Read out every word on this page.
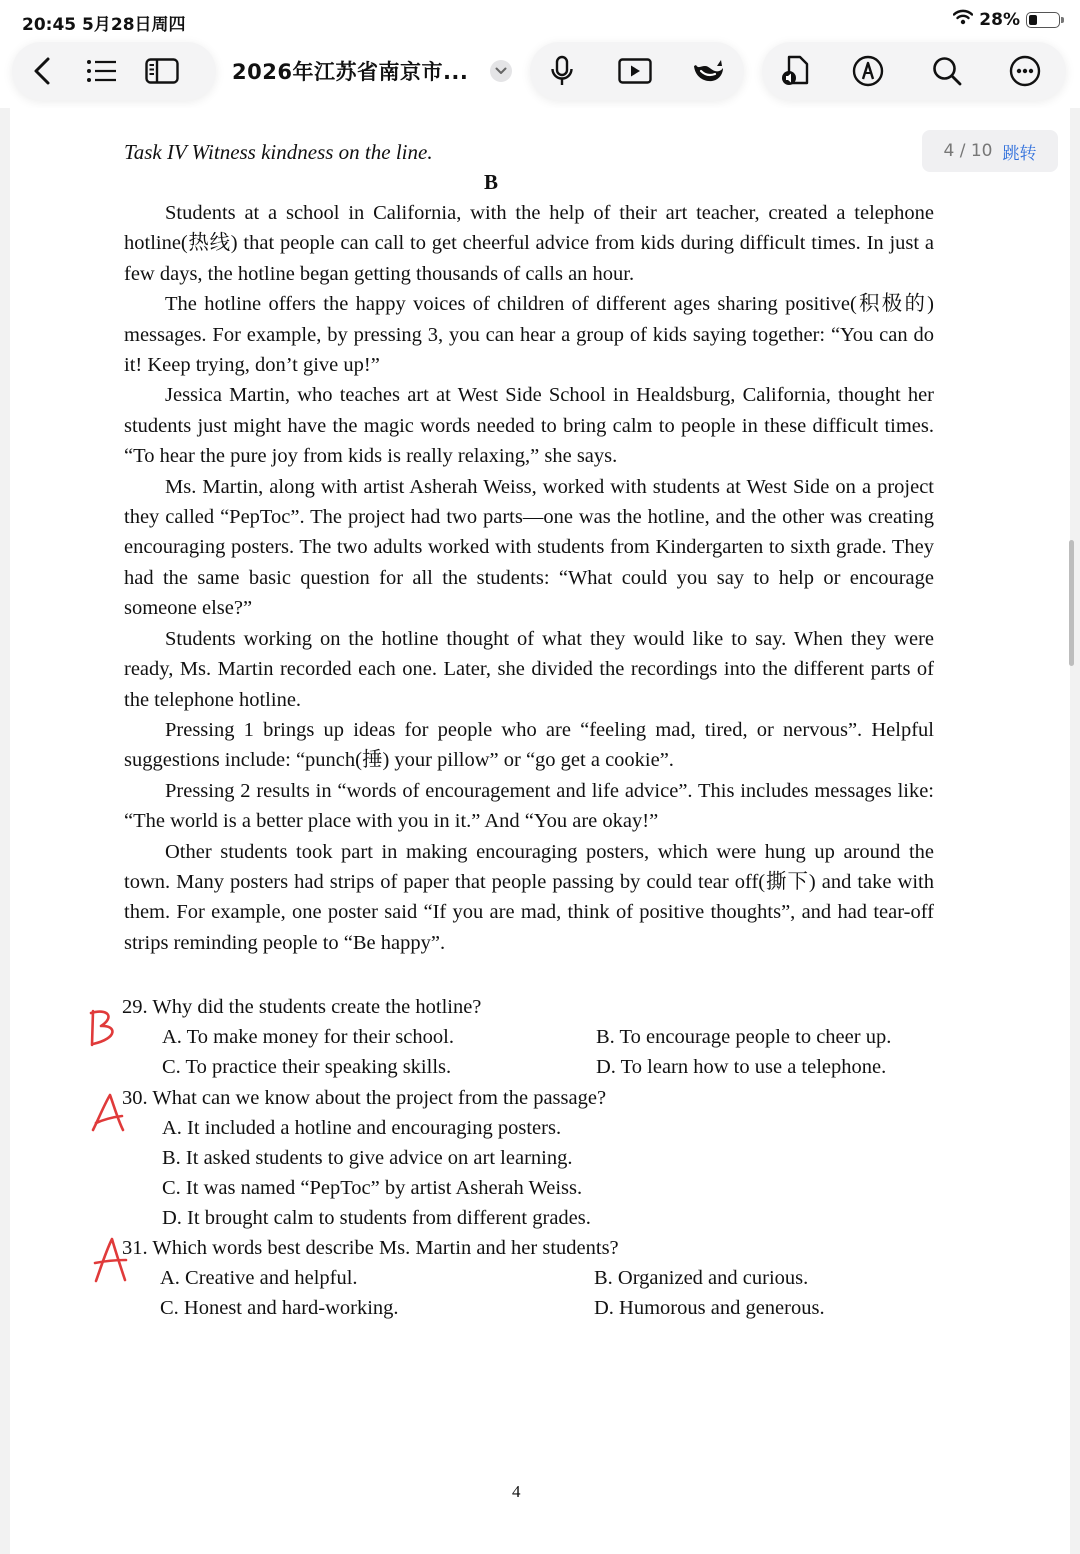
20:45 5月28日周四	28%
2026年江苏省南京市...
4 / 10 跳转
Task IV Witness kindness on the line.
B

Students at a school in California, with the help of their art teacher, created a telephone hotline(热线) that people can call to get cheerful advice from kids during difficult times. In just a few days, the hotline began getting thousands of calls an hour.

The hotline offers the happy voices of children of different ages sharing positive(积极的) messages. For example, by pressing 3, you can hear a group of kids saying together: “You can do it! Keep trying, don’t give up!”

Jessica Martin, who teaches art at West Side School in Healdsburg, California, thought her students just might have the magic words needed to bring calm to people in these difficult times. “To hear the pure joy from kids is really relaxing,” she says.

Ms. Martin, along with artist Asherah Weiss, worked with students at West Side on a project they called “PepToc”. The project had two parts—one was the hotline, and the other was creating encouraging posters. The two adults worked with students from Kindergarten to sixth grade. They had the same basic question for all the students: “What could you say to help or encourage someone else?”

Students working on the hotline thought of what they would like to say. When they were ready, Ms. Martin recorded each one. Later, she divided the recordings into the different parts of the telephone hotline.

Pressing 1 brings up ideas for people who are “feeling mad, tired, or nervous”. Helpful suggestions include: “punch(捶) your pillow” or “go get a cookie”.

Pressing 2 results in “words of encouragement and life advice”. This includes messages like: “The world is a better place with you in it.” And “You are okay!”

Other students took part in making encouraging posters, which were hung up around the town. Many posters had strips of paper that people passing by could tear off(撕下) and take with them. For example, one poster said “If you are mad, think of positive thoughts”, and had tear-off strips reminding people to “Be happy”.

29. Why did the students create the hotline?
A. To make money for their school.	B. To encourage people to cheer up.
C. To practice their speaking skills.	D. To learn how to use a telephone.
30. What can we know about the project from the passage?
A. It included a hotline and encouraging posters.
B. It asked students to give advice on art learning.
C. It was named “PepToc” by artist Asherah Weiss.
D. It brought calm to students from different grades.
31. Which words best describe Ms. Martin and her students?
A. Creative and helpful.	B. Organized and curious.
C. Honest and hard-working.	D. Humorous and generous.
4
